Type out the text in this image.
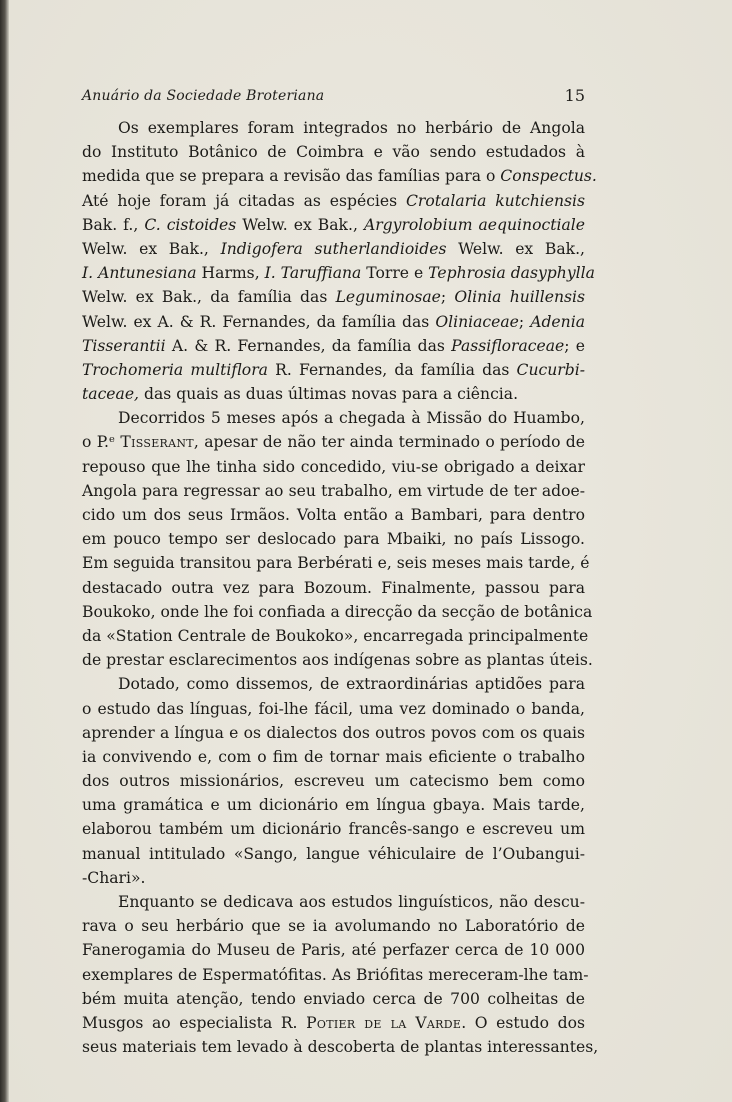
Anuário da Sociedade Broteriana	15
Os exemplares foram integrados no herbário de Angola
do Instituto Botânico de Coimbra e vão sendo estudados à
medida que se prepara a revisão das famílias para o Conspectus.
Até hoje foram já citadas as espécies Crotalaria kutchiensis
Bak. f., C. cistoides Welw. ex Bak., Argyrolobium aequinoctiale
Welw. ex Bak., Indigofera sutherlandioides Welw. ex Bak.,
I. Antunesiana Harms, I. Taruffiana Torre e Tephrosia dasyphylla
Welw. ex Bak., da família das Leguminosae; Olinia huillensis
Welw. ex A. & R. Fernandes, da família das Oliniaceae; Adenia
Tisserantii A. & R. Fernandes, da família das Passifloraceae; e
Trochomeria multiflora R. Fernandes, da família das Cucurbi-
taceae, das quais as duas últimas novas para a ciência.
Decorridos 5 meses após a chegada à Missão do Huambo,
o P.ᵉ Tisserant, apesar de não ter ainda terminado o período de
repouso que lhe tinha sido concedido, viu-se obrigado a deixar
Angola para regressar ao seu trabalho, em virtude de ter adoe-
cido um dos seus Irmãos. Volta então a Bambari, para dentro
em pouco tempo ser deslocado para Mbaiki, no país Lissogo.
Em seguida transitou para Berbérati e, seis meses mais tarde, é
destacado outra vez para Bozoum. Finalmente, passou para
Boukoko, onde lhe foi confiada a direcção da secção de botânica
da «Station Centrale de Boukoko», encarregada principalmente
de prestar esclarecimentos aos indígenas sobre as plantas úteis.
Dotado, como dissemos, de extraordinárias aptidões para
o estudo das línguas, foi-lhe fácil, uma vez dominado o banda,
aprender a língua e os dialectos dos outros povos com os quais
ia convivendo e, com o fim de tornar mais eficiente o trabalho
dos outros missionários, escreveu um catecismo bem como
uma gramática e um dicionário em língua gbaya. Mais tarde,
elaborou também um dicionário francês-sango e escreveu um
manual intitulado «Sango, langue véhiculaire de l’Oubangui-
-Chari».
Enquanto se dedicava aos estudos linguísticos, não descu-
rava o seu herbário que se ia avolumando no Laboratório de
Fanerogamia do Museu de Paris, até perfazer cerca de 10 000
exemplares de Espermatófitas. As Briófitas mereceram-lhe tam-
bém muita atenção, tendo enviado cerca de 700 colheitas de
Musgos ao especialista R. Potier de la Varde. O estudo dos
seus materiais tem levado à descoberta de plantas interessantes,
